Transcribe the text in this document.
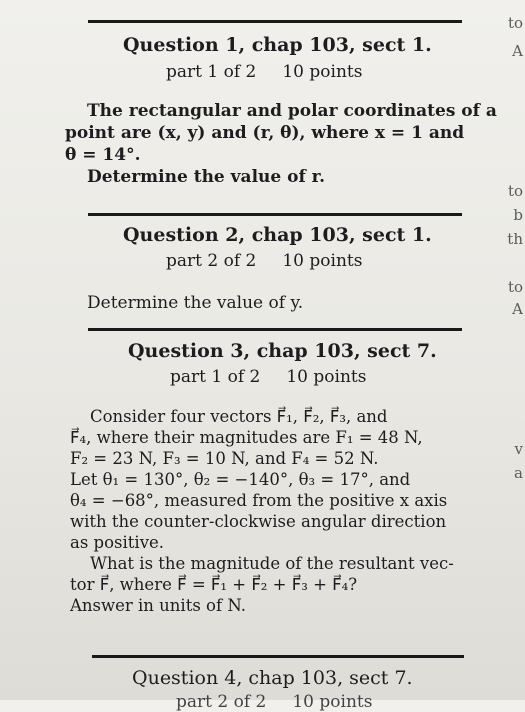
Question 1, chap 103, sect 1.
part 1 of 2 10 points
The rectangular and polar coordinates of a
point are (x, y) and (r, θ), where x = 1 and
θ = 14°.
Determine the value of r.
Question 2, chap 103, sect 1.
part 2 of 2 10 points
Determine the value of y.
Question 3, chap 103, sect 7.
part 1 of 2 10 points
Consider four vectors F⃗₁, F⃗₂, F⃗₃, and
F⃗₄, where their magnitudes are F₁ = 48 N,
F₂ = 23 N, F₃ = 10 N, and F₄ = 52 N.
Let θ₁ = 130°, θ₂ = −140°, θ₃ = 17°, and
θ₄ = −68°, measured from the positive x axis
with the counter-clockwise angular direction
as positive.
What is the magnitude of the resultant vec-
tor F⃗, where F⃗ = F⃗₁ + F⃗₂ + F⃗₃ + F⃗₄?
Answer in units of N.
Question 4, chap 103, sect 7.
part 2 of 2 10 points
to
A
to
b
th
to
A
v
a
